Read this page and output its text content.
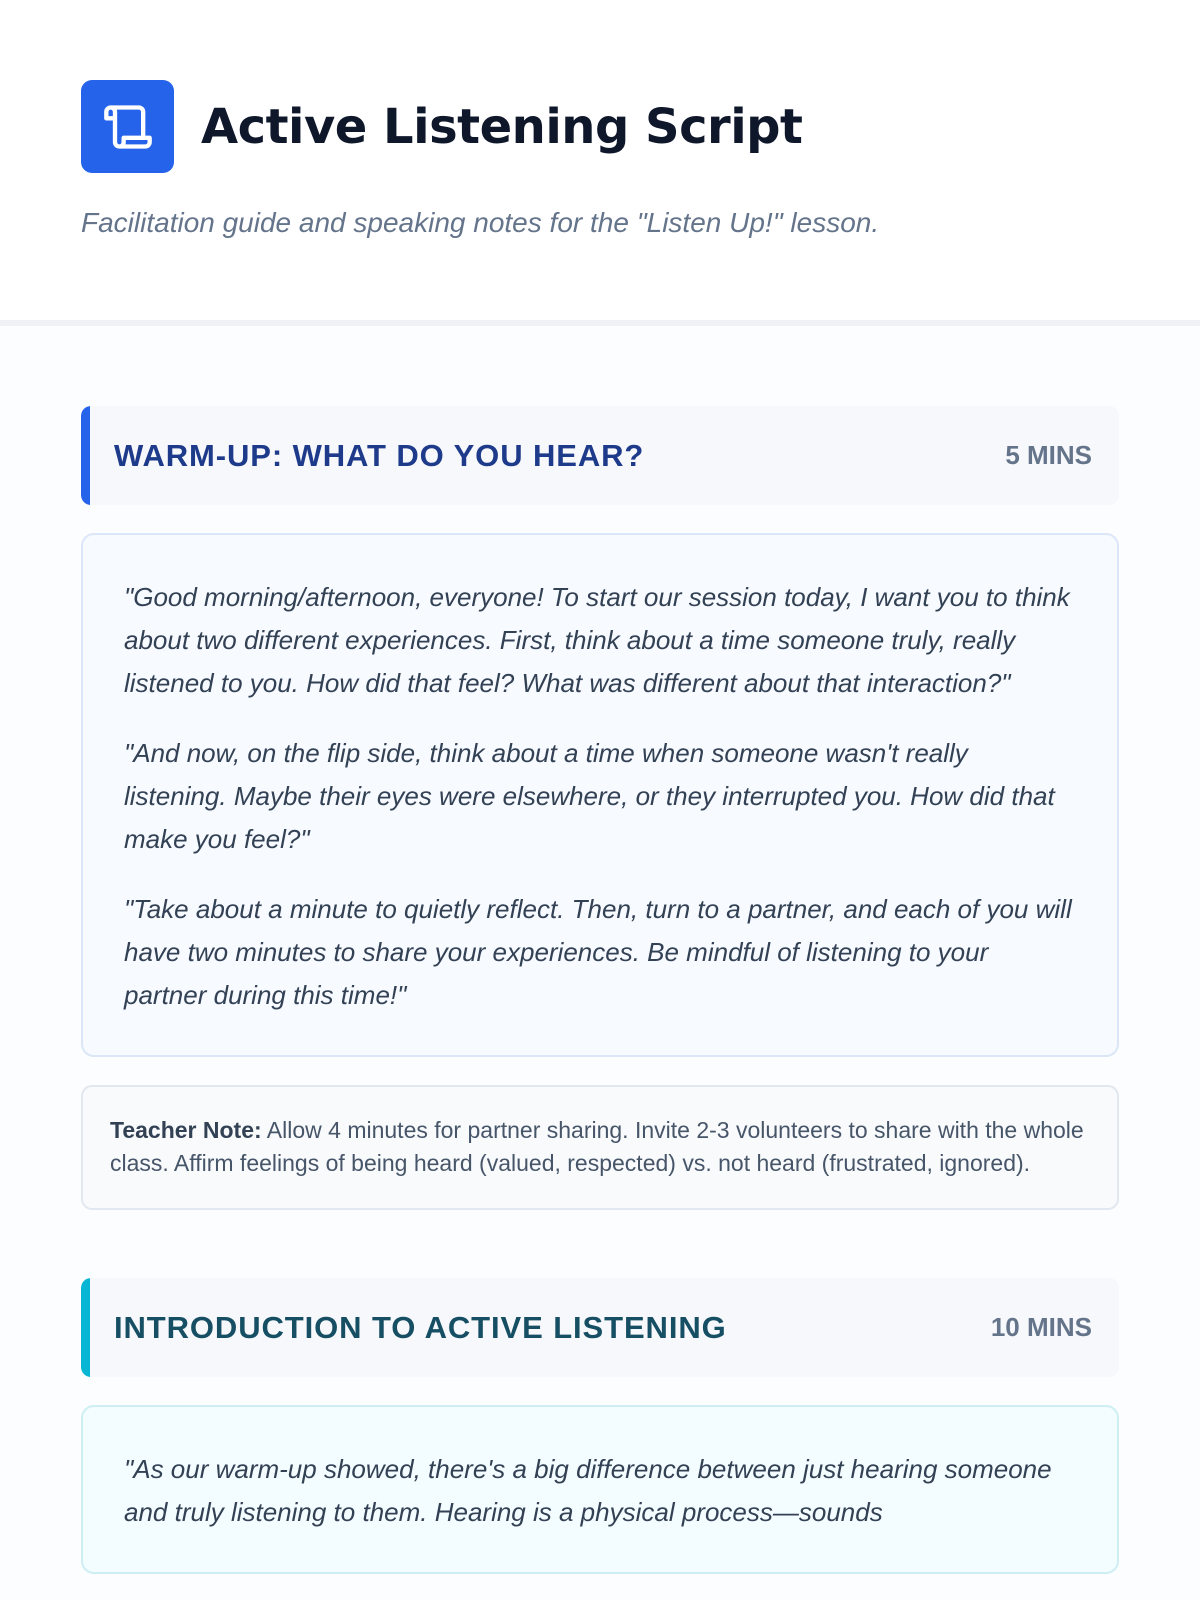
Active Listening Script

Facilitation guide and speaking notes for the "Listen Up!" lesson.

WARM-UP: WHAT DO YOU HEAR?	5 MINS

"Good morning/afternoon, everyone! To start our session today, I want you to think about two different experiences. First, think about a time someone truly, really listened to you. How did that feel? What was different about that interaction?"

"And now, on the flip side, think about a time when someone wasn't really listening. Maybe their eyes were elsewhere, or they interrupted you. How did that make you feel?"

"Take about a minute to quietly reflect. Then, turn to a partner, and each of you will have two minutes to share your experiences. Be mindful of listening to your partner during this time!"

Teacher Note: Allow 4 minutes for partner sharing. Invite 2-3 volunteers to share with the whole class. Affirm feelings of being heard (valued, respected) vs. not heard (frustrated, ignored).
INTRODUCTION TO ACTIVE LISTENING	10 MINS

"As our warm-up showed, there's a big difference between just hearing someone and truly listening to them. Hearing is a physical process—sounds
